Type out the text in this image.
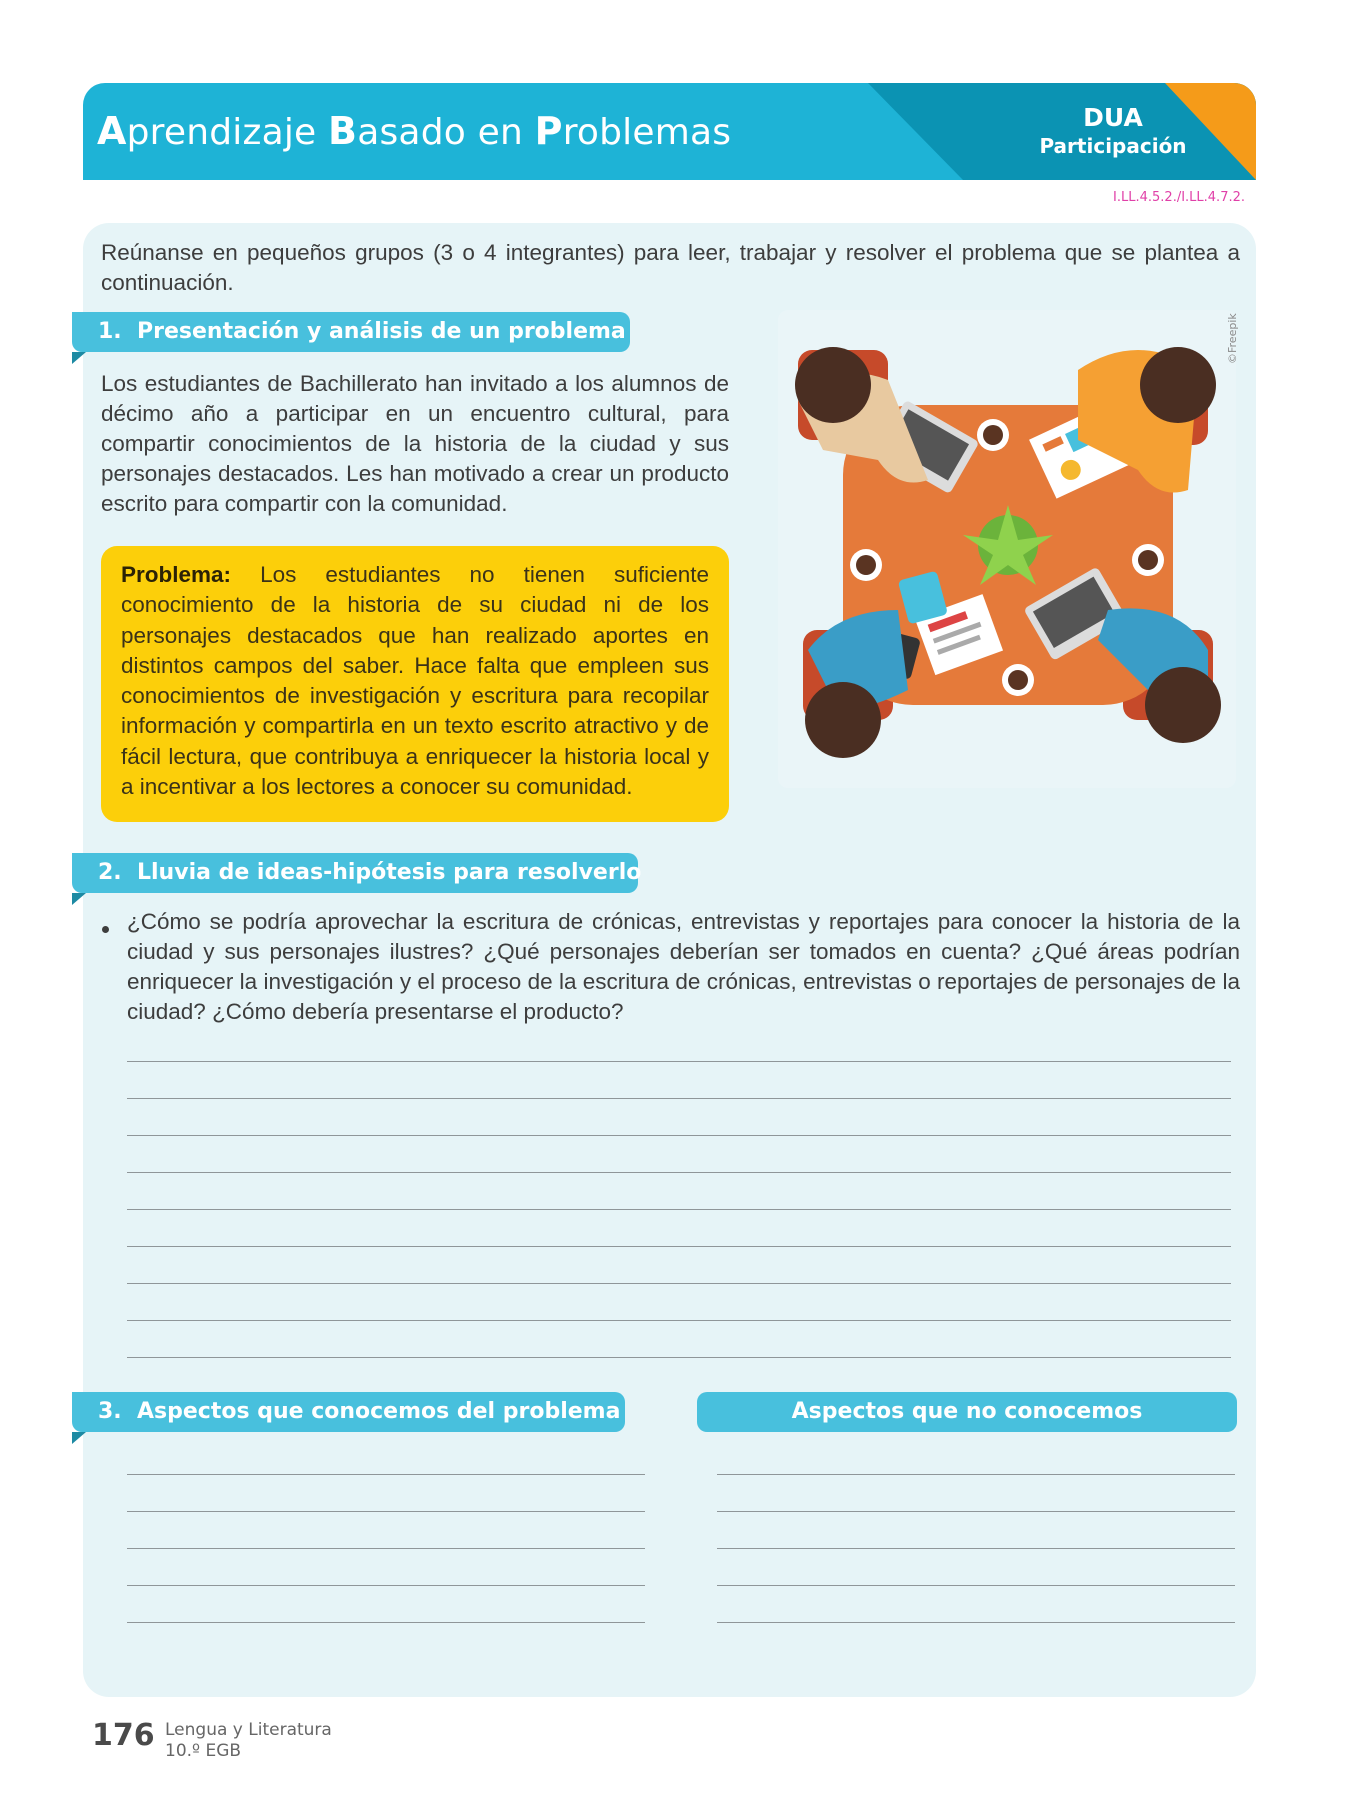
Aprendizaje Basado en Problemas	DUA
Participación
I.LL.4.5.2./I.LL.4.7.2.
Reúnanse en pequeños grupos (3 o 4 integrantes) para leer, trabajar y resolver el problema que se plantea a continuación.
1. Presentación y análisis de un problema
Los estudiantes de Bachillerato han invitado a los alumnos de décimo año a participar en un encuentro cultural, para compartir conocimientos de la historia de la ciudad y sus personajes destacados. Les han motivado a crear un producto escrito para compartir con la comunidad.
Problema: Los estudiantes no tienen suficiente conocimiento de la historia de su ciudad ni de los personajes destacados que han realizado aportes en distintos campos del saber. Hace falta que empleen sus conocimientos de investigación y escritura para recopilar información y compartirla en un texto escrito atractivo y de fácil lectura, que contribuya a enriquecer la historia local y a incentivar a los lectores a conocer su comunidad.
©Freepik
2. Lluvia de ideas-hipótesis para resolverlo
¿Cómo se podría aprovechar la escritura de crónicas, entrevistas y reportajes para conocer la historia de la ciudad y sus personajes ilustres? ¿Qué personajes deberían ser tomados en cuenta? ¿Qué áreas podrían enriquecer la investigación y el proceso de la escritura de crónicas, entrevistas o reportajes de personajes de la ciudad? ¿Cómo debería presentarse el producto?
3. Aspectos que conocemos del problema	Aspectos que no conocemos
176 Lengua y Literatura
10.º EGB
